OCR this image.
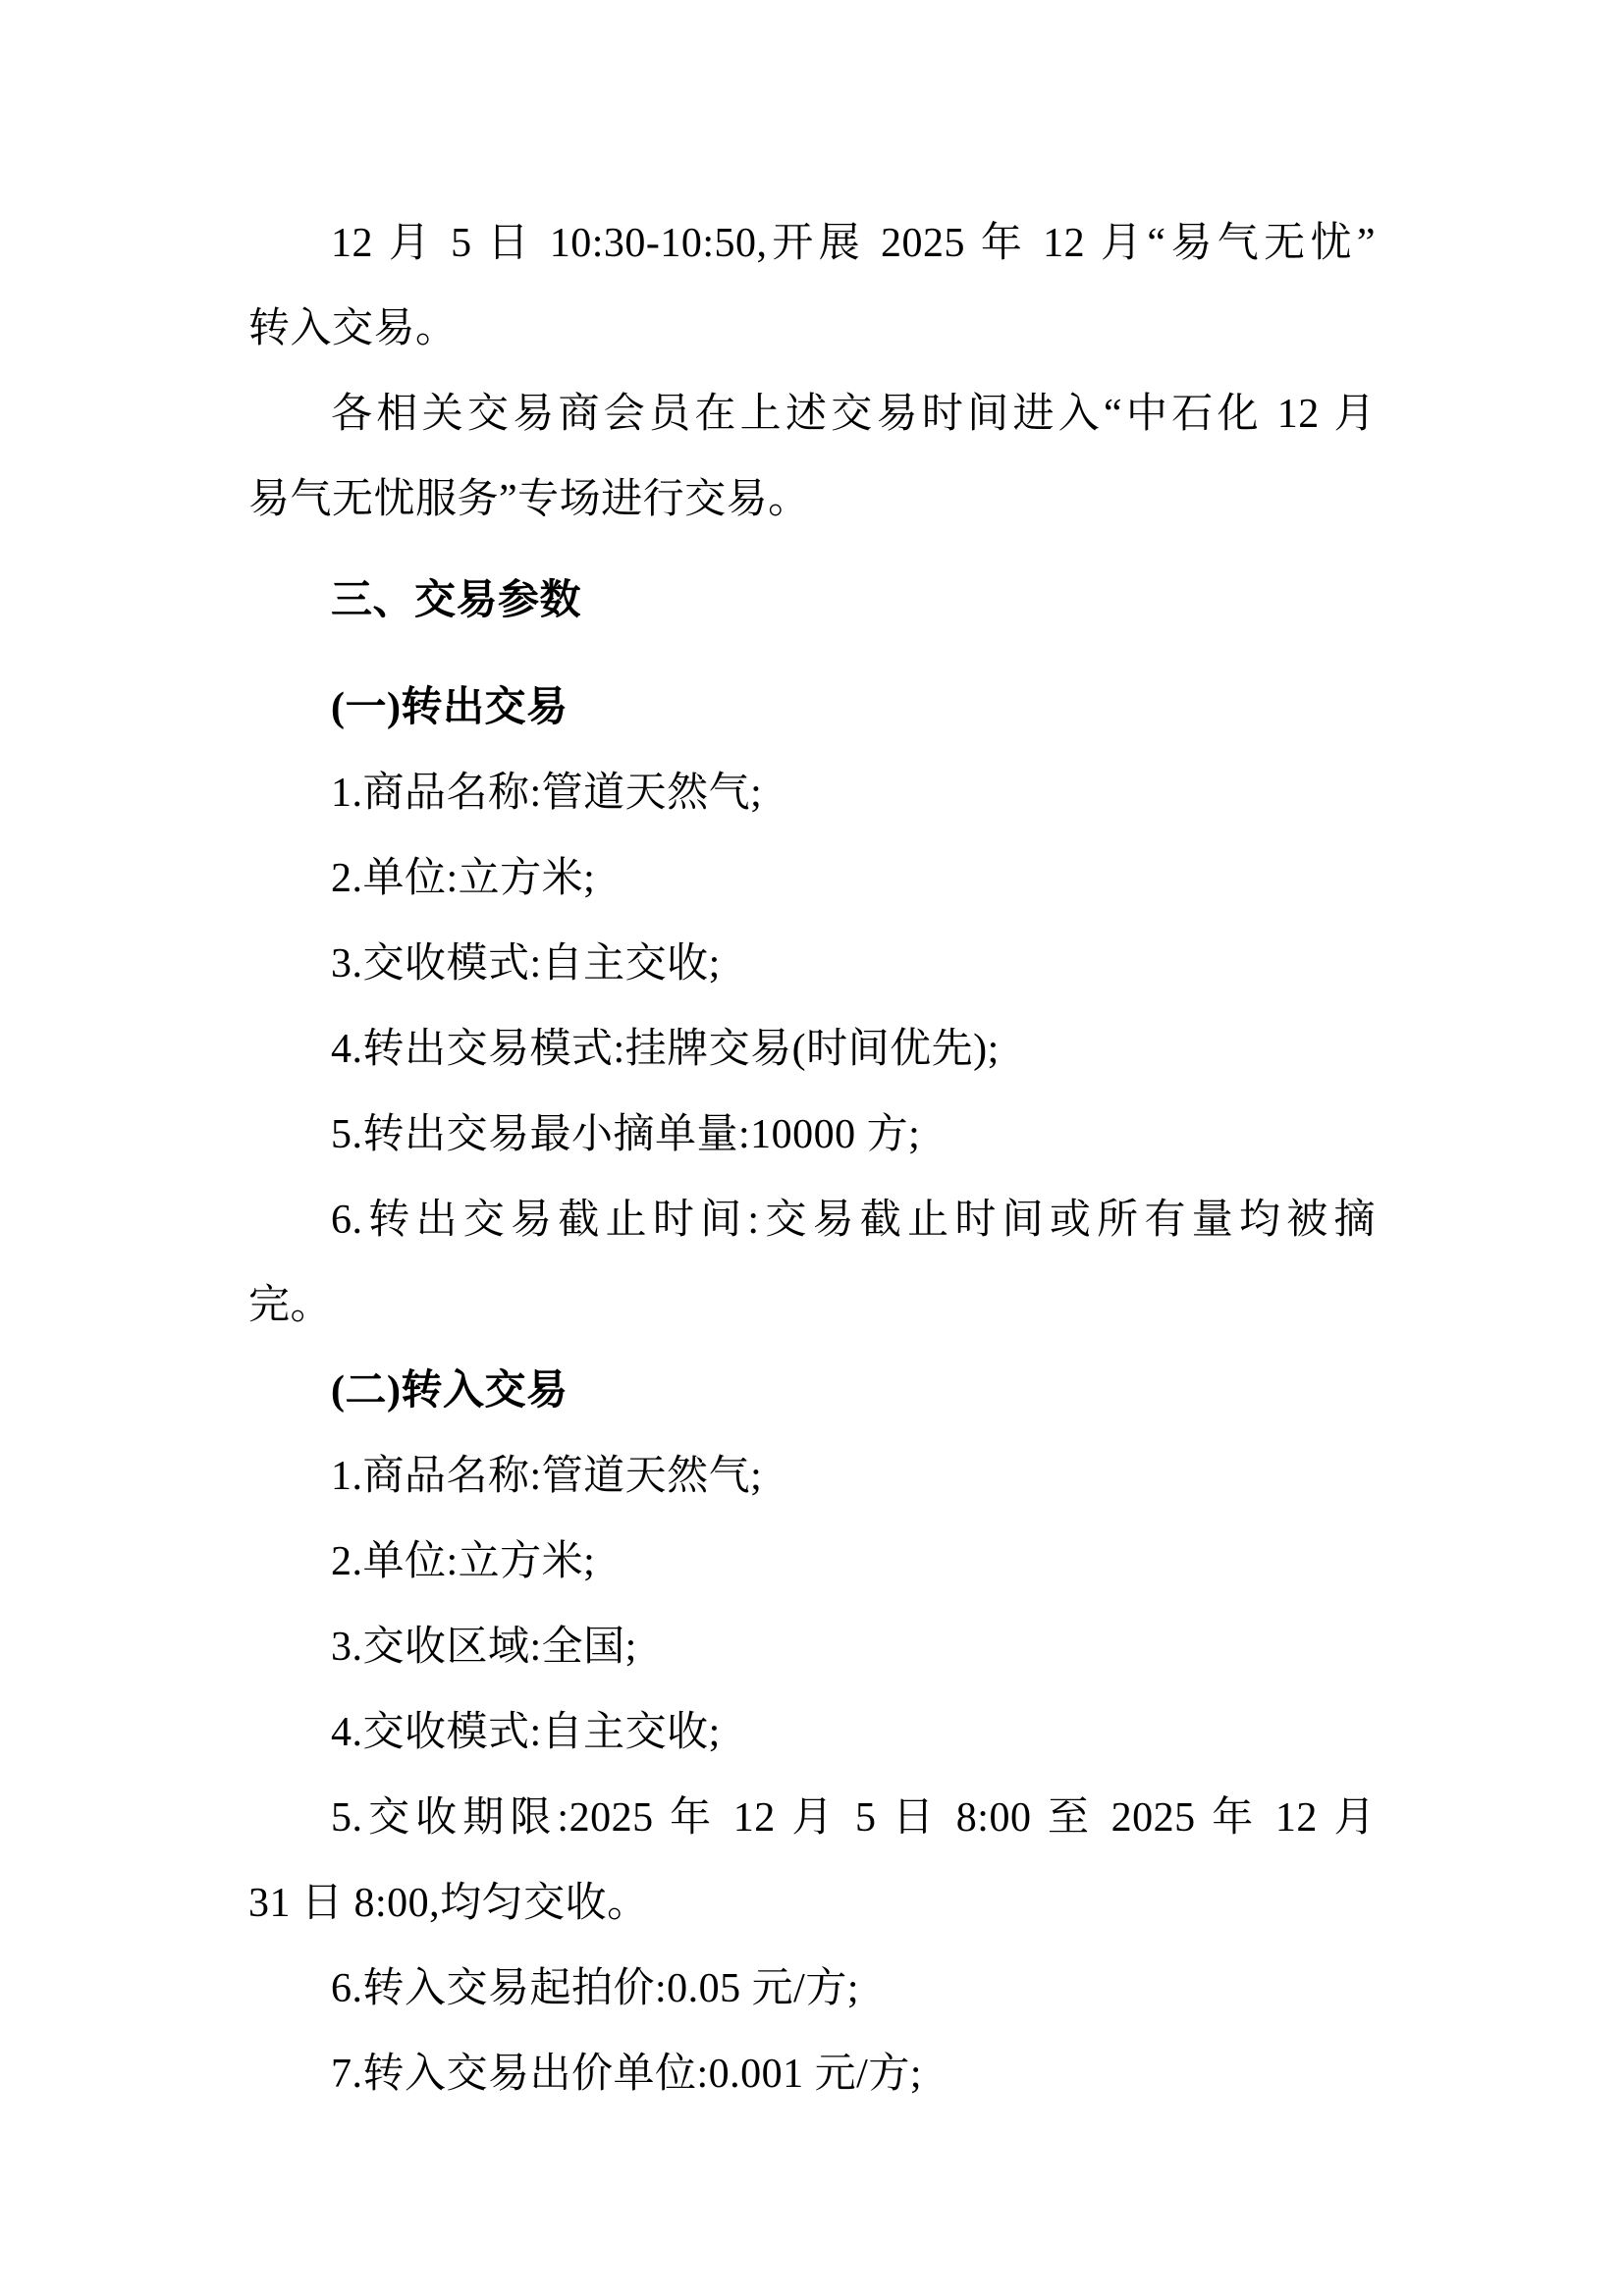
12 月 5 日 10:30-10:50,开展 2025 年 12 月“易气无忧”
转入交易。
各相关交易商会员在上述交易时间进入“中石化 12 月
易气无忧服务”专场进行交易。
三、交易参数
(一)转出交易
1.商品名称:管道天然气;
2.单位:立方米;
3.交收模式:自主交收;
4.转出交易模式:挂牌交易(时间优先);
5.转出交易最小摘单量:10000 方;
6.转出交易截止时间:交易截止时间或所有量均被摘
完。
(二)转入交易
1.商品名称:管道天然气;
2.单位:立方米;
3.交收区域:全国;
4.交收模式:自主交收;
5.交收期限:2025 年 12 月 5 日 8:00 至 2025 年 12 月
31 日 8:00,均匀交收。
6.转入交易起拍价:0.05 元/方;
7.转入交易出价单位:0.001 元/方;
